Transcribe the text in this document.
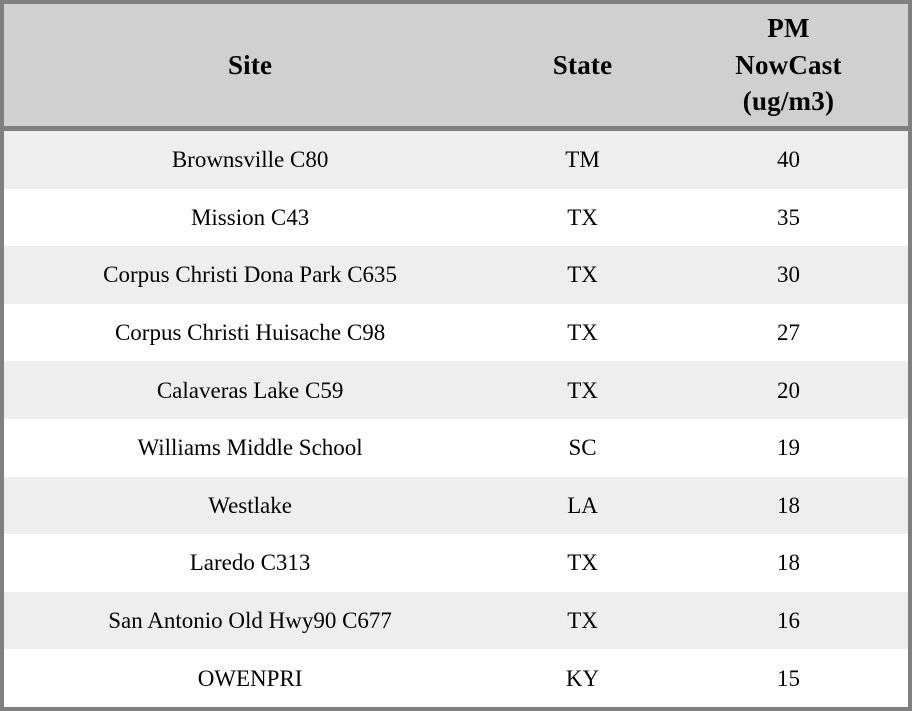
Site	State	PM
NowCast
(ug/m3)

Brownsville C80	TM	40
Mission C43	TX	35
Corpus Christi Dona Park C635	TX	30
Corpus Christi Huisache C98	TX	27
Calaveras Lake C59	TX	20
Williams Middle School	SC	19
Westlake	LA	18
Laredo C313	TX	18
San Antonio Old Hwy90 C677	TX	16
OWENPRI	KY	15
